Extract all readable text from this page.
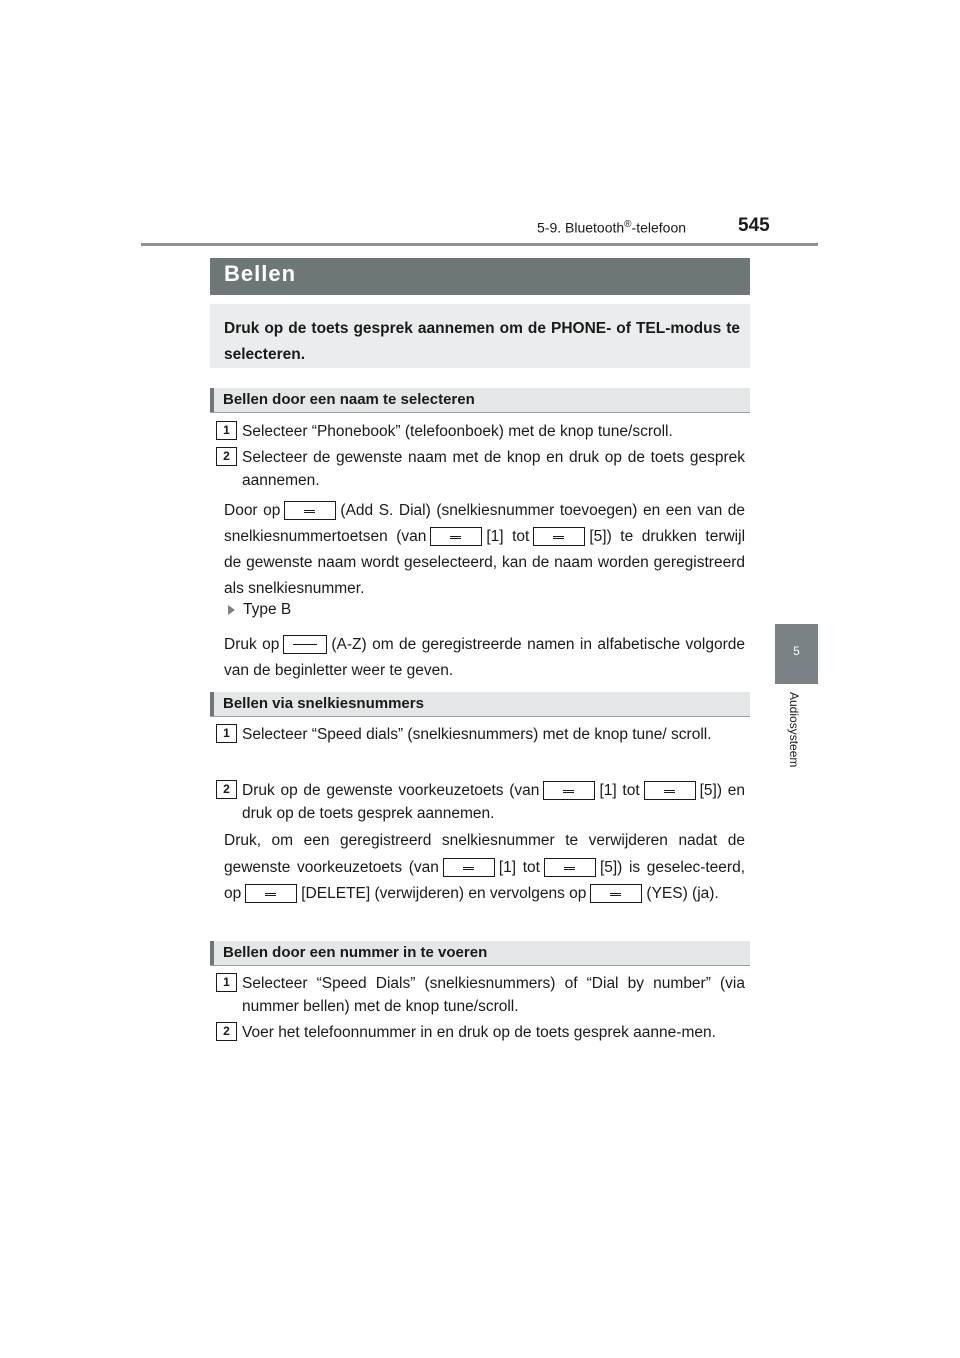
5-9. Bluetooth®-telefoon	545
5
Audiosysteem
Bellen

Druk op de toets gesprek aannemen om de PHONE- of TEL-modus te selecteren.

Bellen door een naam te selecteren
1 Selecteer “Phonebook” (telefoonboek) met de knop tune/scroll.

2 Selecteer de gewenste naam met de knop en druk op de toets gesprek aannemen.

Door op	(Add S. Dial) (snelkiesnummer toevoegen) en een van de snelkiesnummertoetsen (van	[1] tot	[5]) te drukken terwijl de gewenste naam wordt geselecteerd, kan de naam worden geregistreerd als snelkiesnummer.

Type B

Druk op	(A-Z) om de geregistreerde namen in alfabetische volgorde van de beginletter weer te geven.

Bellen via snelkiesnummers
1 Selecteer “Speed dials” (snelkiesnummers) met de knop tune/ scroll.

2 Druk op de gewenste voorkeuzetoets (van	[1] tot	[5]) en druk op de toets gesprek aannemen.

Druk, om een geregistreerd snelkiesnummer te verwijderen nadat de gewenste voorkeuzetoets (van	[1] tot	[5]) is geselec-teerd, op	[DELETE] (verwijderen) en vervolgens op	(YES) (ja).

Bellen door een nummer in te voeren
1 Selecteer “Speed Dials” (snelkiesnummers) of “Dial by number” (via nummer bellen) met de knop tune/scroll.

2 Voer het telefoonnummer in en druk op de toets gesprek aanne-men.
